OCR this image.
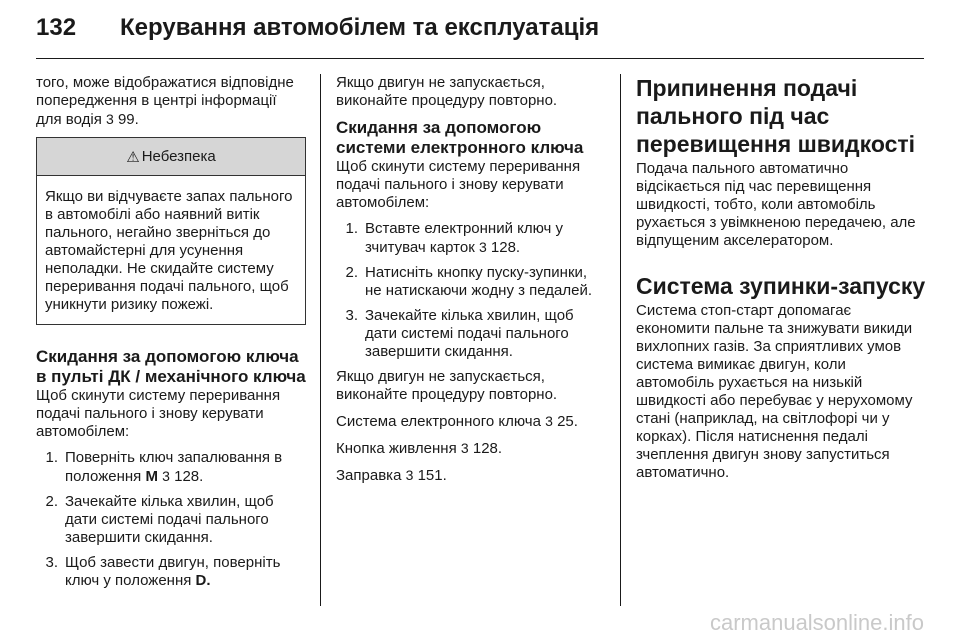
132	Керування автомобілем та експлуатація

того, може відображатися відповідне попередження в центрі інформації для водія 3 99.

⚠ Небезпека
Якщо ви відчуваєте запах пального в автомобілі або наявний витік пального, негайно зверніться до автомайстерні для усунення неполадки. Не скидайте систему переривання подачі пального, щоб уникнути ризику пожежі.
Скидання за допомогою ключа в пульті ДК / механічного ключа

Щоб скинути систему переривання подачі пального і знову керувати автомобілем:

1. Поверніть ключ запалювання в положення M 3 128.
2. Зачекайте кілька хвилин, щоб дати системі подачі пального завершити скидання.
3. Щоб завести двигун, поверніть ключ у положення D.

Якщо двигун не запускається, виконайте процедуру повторно.

Скидання за допомогою системи електронного ключа

Щоб скинути систему переривання подачі пального і знову керувати автомобілем:

1. Вставте електронний ключ у зчитувач карток 3 128.
2. Натисніть кнопку пуску-зупинки, не натискаючи жодну з педалей.
3. Зачекайте кілька хвилин, щоб дати системі подачі пального завершити скидання.

Якщо двигун не запускається, виконайте процедуру повторно.

Система електронного ключа 3 25.

Кнопка живлення 3 128.

Заправка 3 151.

Припинення подачі пального під час перевищення швидкості

Подача пального автоматично відсікається під час перевищення швидкості, тобто, коли автомобіль рухається з увімкненою передачею, але відпущеним акселератором.

Система зупинки-запуску

Система стоп-старт допомагає економити пальне та знижувати викиди вихлопних газів. За сприятливих умов система вимикає двигун, коли автомобіль рухається на низькій швидкості або перебуває у нерухомому стані (наприклад, на світлофорі чи у корках). Після натиснення педалі зчеплення двигун знову запуститься автоматично.

carmanualsonline.info
